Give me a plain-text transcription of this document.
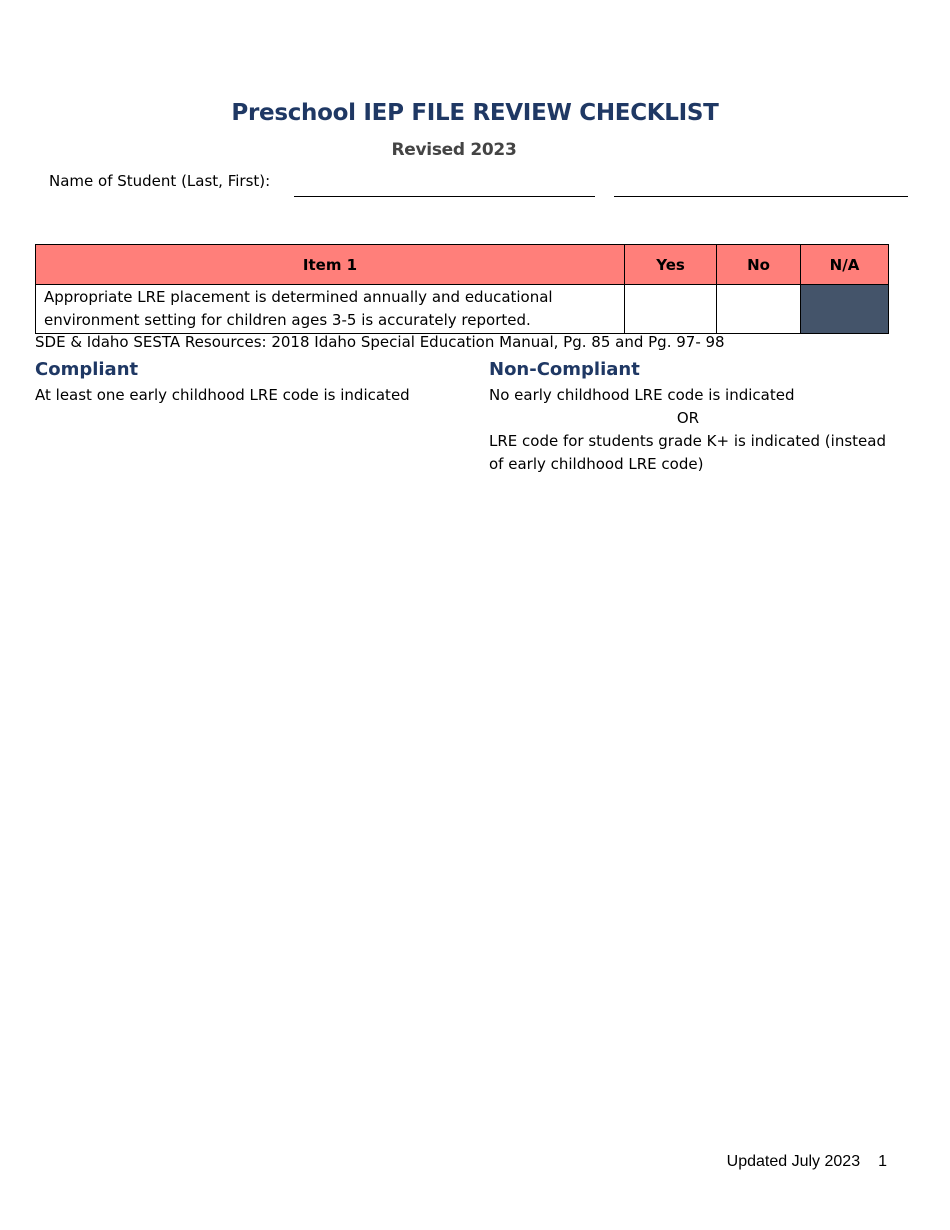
Preschool IEP FILE REVIEW CHECKLIST
Revised 2023
Name of Student (Last, First):
Item 1	Yes	No	N/A
Appropriate LRE placement is determined annually and educational environment setting for children ages 3-5 is accurately reported.			
SDE & Idaho SESTA Resources: 2018 Idaho Special Education Manual, Pg. 85 and Pg. 97- 98
Compliant
At least one early childhood LRE code is indicated
Non-Compliant
No early childhood LRE code is indicated
OR
LRE code for students grade K+ is indicated (instead of early childhood LRE code)
Updated July 2023 1
